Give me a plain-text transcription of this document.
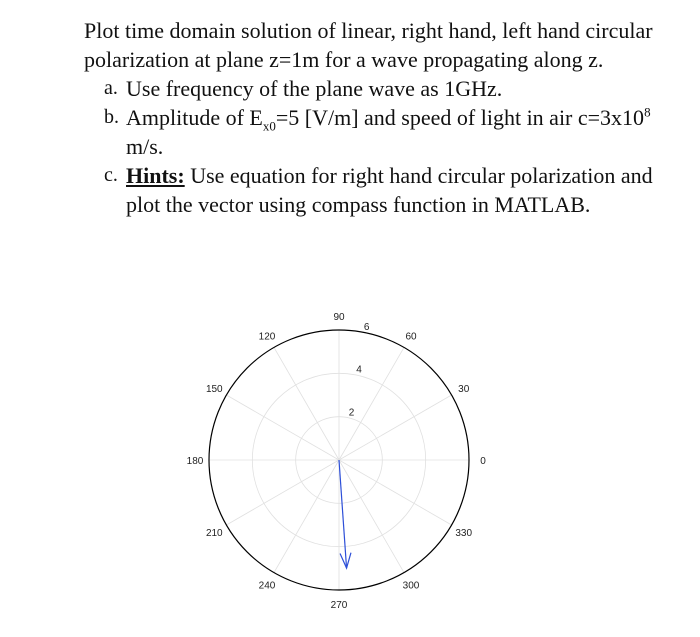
Plot time domain solution of linear, right hand, left hand circular polarization at plane z=1m for a wave propagating along z.

a. Use frequency of the plane wave as 1GHz.
b. Amplitude of $E_{x0}=5$ [V/m] and speed of light in air $c=3x10^8$ m/s.
c. Hints: Use equation for right hand circular polarization and plot the vector using compass function in MATLAB.
0
30
60
90
120
150
180
210
240
270
300
330
2
4
6
